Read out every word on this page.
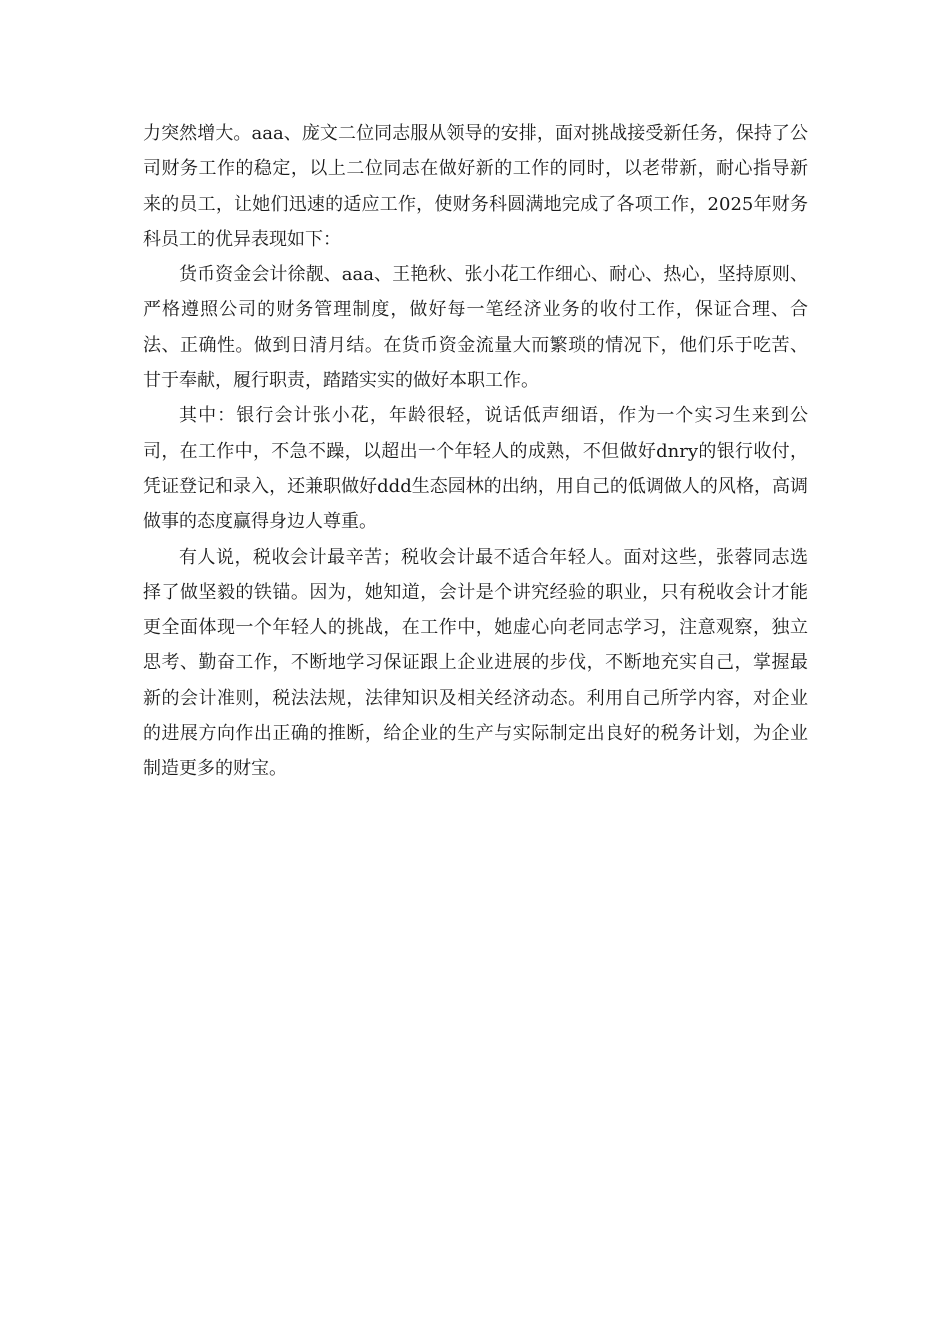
力突然增大。aaa、庞文二位同志服从领导的安排，面对挑战接受新任务，保持了公司财务工作的稳定，以上二位同志在做好新的工作的同时，以老带新，耐心指导新来的员工，让她们迅速的适应工作，使财务科圆满地完成了各项工作，2025年财务科员工的优异表现如下：

货币资金会计徐靓、aaa、王艳秋、张小花工作细心、耐心、热心，坚持原则、严格遵照公司的财务管理制度，做好每一笔经济业务的收付工作，保证合理、合法、正确性。做到日清月结。在货币资金流量大而繁琐的情况下，他们乐于吃苦、甘于奉献，履行职责，踏踏实实的做好本职工作。

其中：银行会计张小花，年龄很轻，说话低声细语，作为一个实习生来到公司，在工作中，不急不躁，以超出一个年轻人的成熟，不但做好dnry的银行收付，凭证登记和录入，还兼职做好ddd生态园林的出纳，用自己的低调做人的风格，高调做事的态度赢得身边人尊重。

有人说，税收会计最辛苦；税收会计最不适合年轻人。面对这些，张蓉同志选择了做坚毅的铁锚。因为，她知道，会计是个讲究经验的职业，只有税收会计才能更全面体现一个年轻人的挑战，在工作中，她虚心向老同志学习，注意观察，独立思考、勤奋工作，不断地学习保证跟上企业进展的步伐，不断地充实自己，掌握最新的会计准则，税法法规，法律知识及相关经济动态。利用自己所学内容，对企业的进展方向作出正确的推断，给企业的生产与实际制定出良好的税务计划，为企业制造更多的财宝。
